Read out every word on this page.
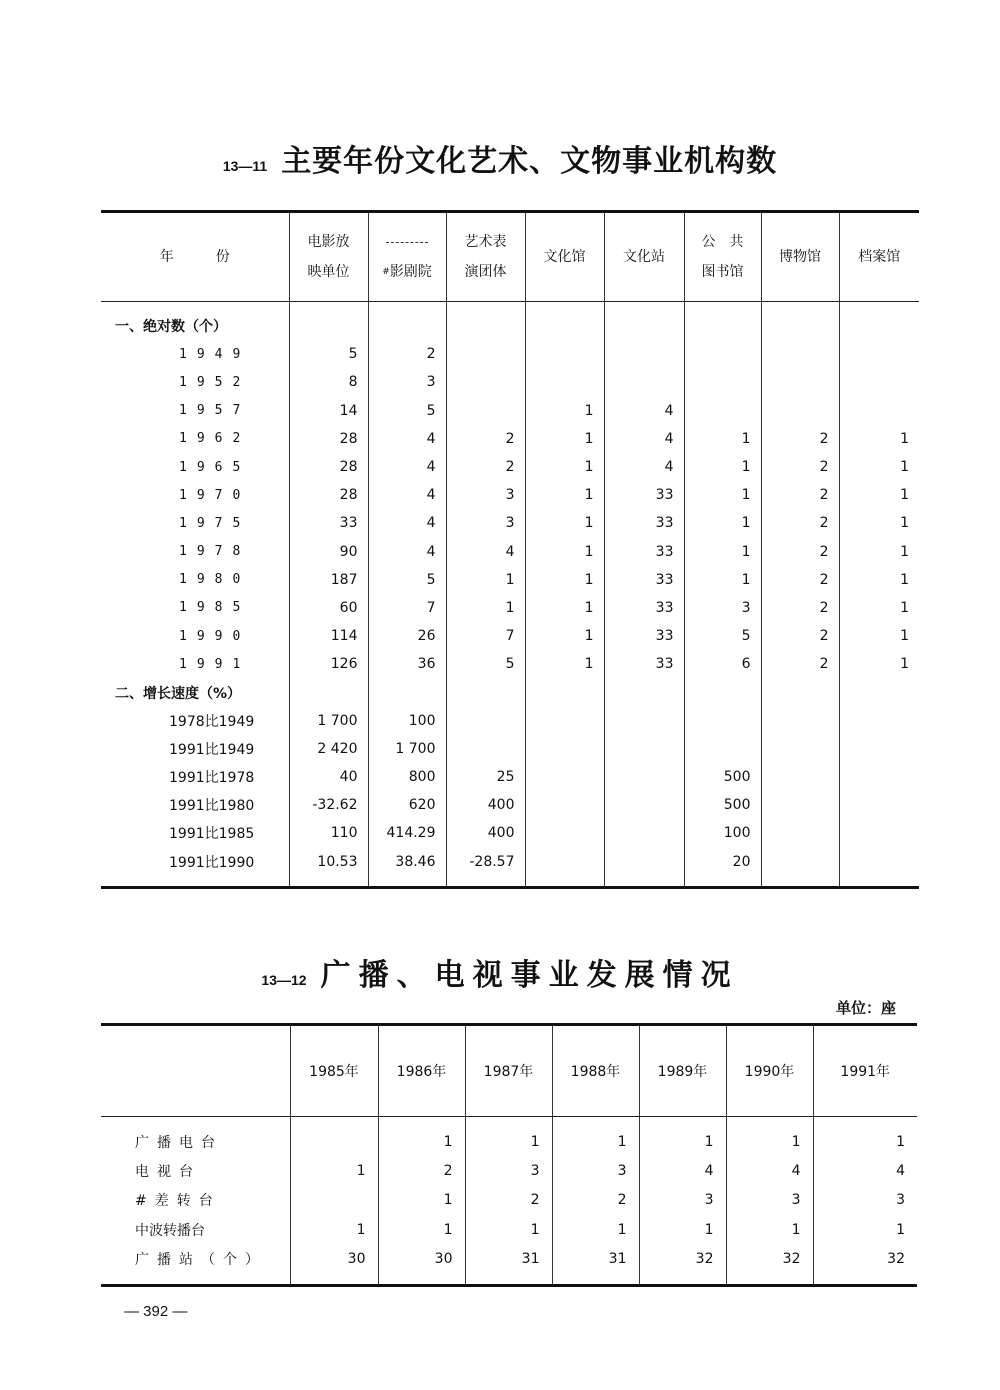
13—11 主要年份文化艺术、文物事业机构数
年　　　份	电影放
映单位	#影剧院	艺术表
演团体	文化馆	文化站	公　共
图书馆	博物馆	档案馆

一、绝对数（个）								
1949	5	2						
1952	8	3						
1957	14	5		1	4			
1962	28	4	2	1	4	1	2	1
1965	28	4	2	1	4	1	2	1
1970	28	4	3	1	33	1	2	1
1975	33	4	3	1	33	1	2	1
1978	90	4	4	1	33	1	2	1
1980	187	5	1	1	33	1	2	1
1985	60	7	1	1	33	3	2	1
1990	114	26	7	1	33	5	2	1
1991	126	36	5	1	33	6	2	1
二、增长速度（%）								
1978比1949	1 700	100						
1991比1949	2 420	1 700						
1991比1978	40	800	25			500		
1991比1980	-32.62	620	400			500		
1991比1985	110	414.29	400			100		
1991比1990	10.53	38.46	-28.57			20		

13—12 广播、电视事业发展情况
单位：座
	1985年	1986年	1987年	1988年	1989年	1990年	1991年

广播电台		1	1	1	1	1	1
电视台	1	2	3	3	4	4	4
#差转台		1	2	2	3	3	3
中波转播台	1	1	1	1	1	1	1
广播站（个）	30	30	31	31	32	32	32

— 392 —
